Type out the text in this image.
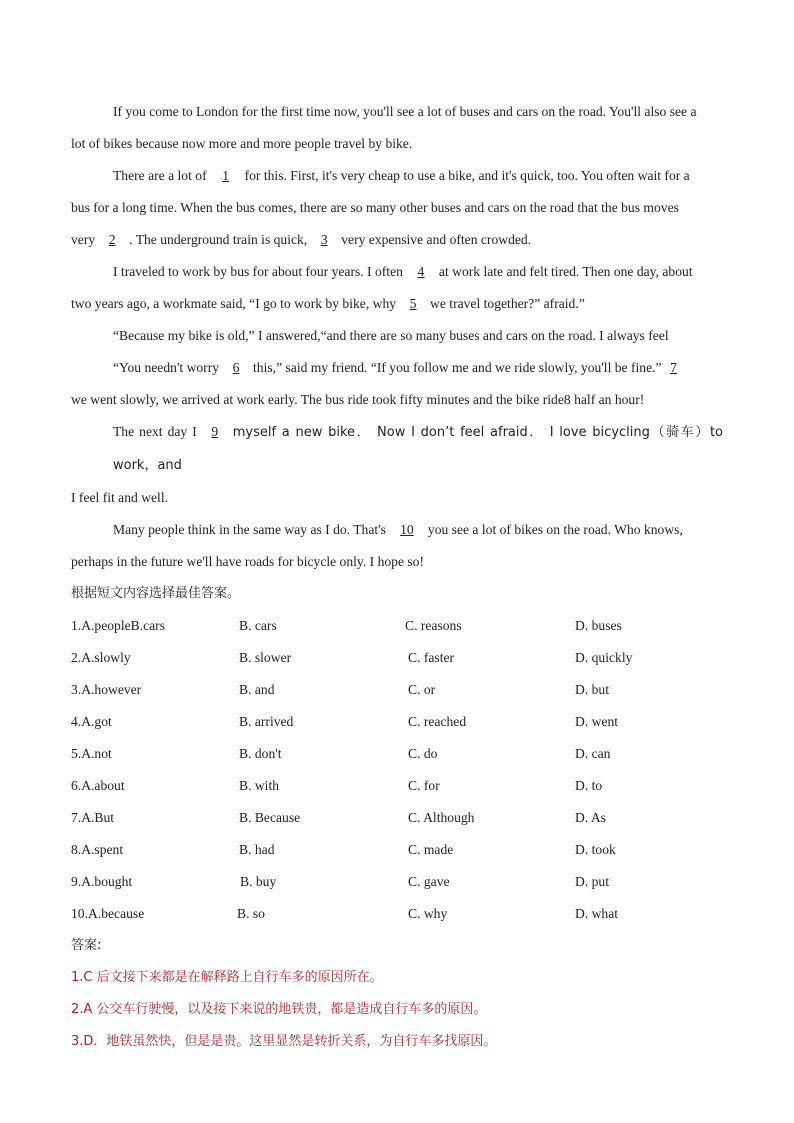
If you come to London for the first time now, you'll see a lot of buses and cars on the road. You'll also see a
lot of bikes because now more and more people travel by bike.

There are a lot of 1 for this. First, it's very cheap to use a bike, and it's quick, too. You often wait for a
bus for a long time. When the bus comes, there are so many other buses and cars on the road that the bus moves
very 2 . The underground train is quick, 3 very expensive and often crowded.

I traveled to work by bus for about four years. I often 4 at work late and felt tired. Then one day, about
two years ago, a workmate said, “I go to work by bike, why 5 we travel together?” afraid.”

“Because my bike is old,” I answered,“and there are so many buses and cars on the road. I always feel

“You needn't worry 6 this,” said my friend. “If you follow me and we ride slowly, you'll be fine.” 7
we went slowly, we arrived at work early. The bus ride took fifty minutes and the bike ride8 half an hour!

The next day I 9 myself a new bike． Now I don’t feel afraid． I love bicycling（骑车）to work，and
I feel fit and well.

Many people think in the same way as I do. That's 10 you see a lot of bikes on the road. Who knows,
perhaps in the future we'll have roads for bicycle only. I hope so!

根据短文内容选择最佳答案。
1.A.peopleB.cars	B. cars	C. reasons	D. buses
2.A.slowly	B. slower	C. faster	D. quickly
3.A.however	B. and	C. or	D. but
4.A.got	B. arrived	C. reached	D. went
5.A.not	B. don't	C. do	D. can
6.A.about	B. with	C. for	D. to
7.A.But	B. Because	C. Although	D. As
8.A.spent	B. had	C. made	D. took
9.A.bought	B. buy	C. gave	D. put
10.A.because	B. so	C. why	D. what
答案:
1.C 后文接下来都是在解释路上自行车多的原因所在。
2.A 公交车行驶慢，以及接下来说的地铁贵，都是造成自行车多的原因。
3.D．地铁虽然快，但是是贵。这里显然是转折关系，为自行车多找原因。
